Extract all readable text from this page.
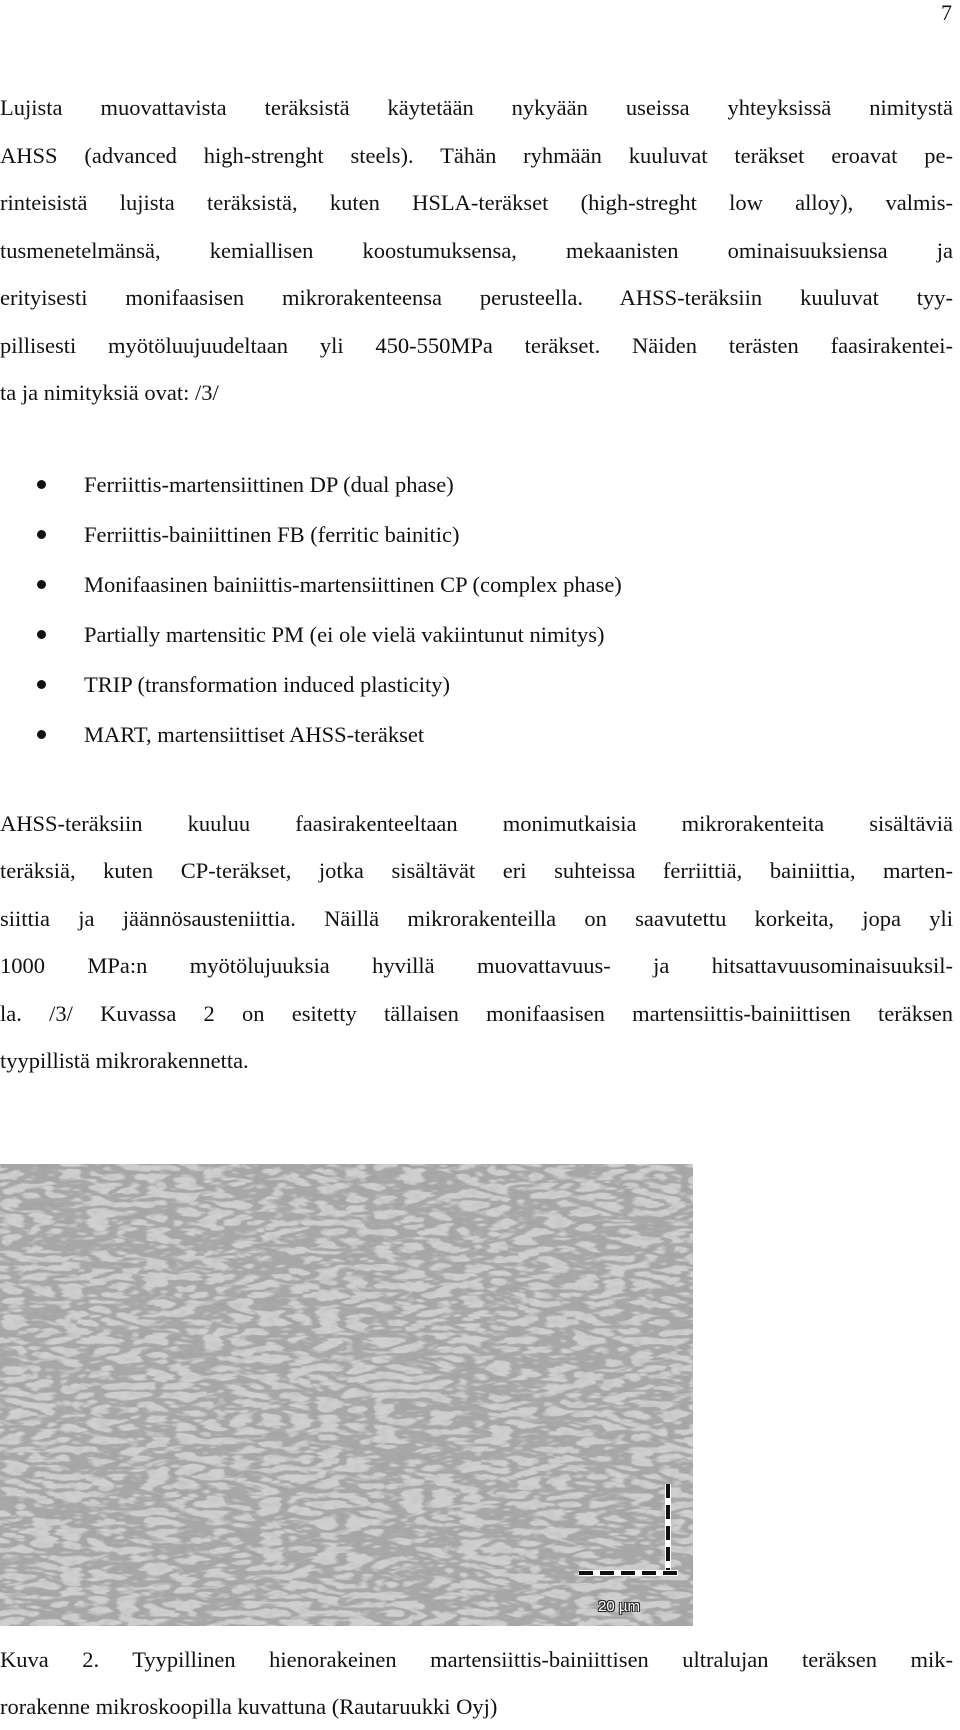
7
Lujista muovattavista teräksistä käytetään nykyään useissa yhteyksissä nimitystä
AHSS (advanced high-strenght steels). Tähän ryhmään kuuluvat teräkset eroavat pe-
rinteisistä lujista teräksistä, kuten HSLA-teräkset (high-streght low alloy), valmis-
tusmenetelmänsä, kemiallisen koostumuksensa, mekaanisten ominaisuuksiensa ja
erityisesti monifaasisen mikrorakenteensa perusteella. AHSS-teräksiin kuuluvat tyy-
pillisesti myötöluujuudeltaan yli 450-550MPa teräkset. Näiden terästen faasirakentei-
ta ja nimityksiä ovat: /3/
Ferriittis-martensiittinen DP (dual phase)
Ferriittis-bainiittinen FB (ferritic bainitic)
Monifaasinen bainiittis-martensiittinen CP (complex phase)
Partially martensitic PM (ei ole vielä vakiintunut nimitys)
TRIP (transformation induced plasticity)
MART, martensiittiset AHSS-teräkset
AHSS-teräksiin kuuluu faasirakenteeltaan monimutkaisia mikrorakenteita sisältäviä
teräksiä, kuten CP-teräkset, jotka sisältävät eri suhteissa ferriittiä, bainiittia, marten-
siittia ja jäännösausteniittia. Näillä mikrorakenteilla on saavutettu korkeita, jopa yli
1000 MPa:n myötölujuuksia hyvillä muovattavuus- ja hitsattavuusominaisuuksil-
la. /3/ Kuvassa 2 on esitetty tällaisen monifaasisen martensiittis-bainiittisen teräksen
tyypillistä mikrorakennetta.
20 µm
Kuva 2. Tyypillinen hienorakeinen martensiittis-bainiittisen ultralujan teräksen mik-
rorakenne mikroskoopilla kuvattuna (Rautaruukki Oyj)
